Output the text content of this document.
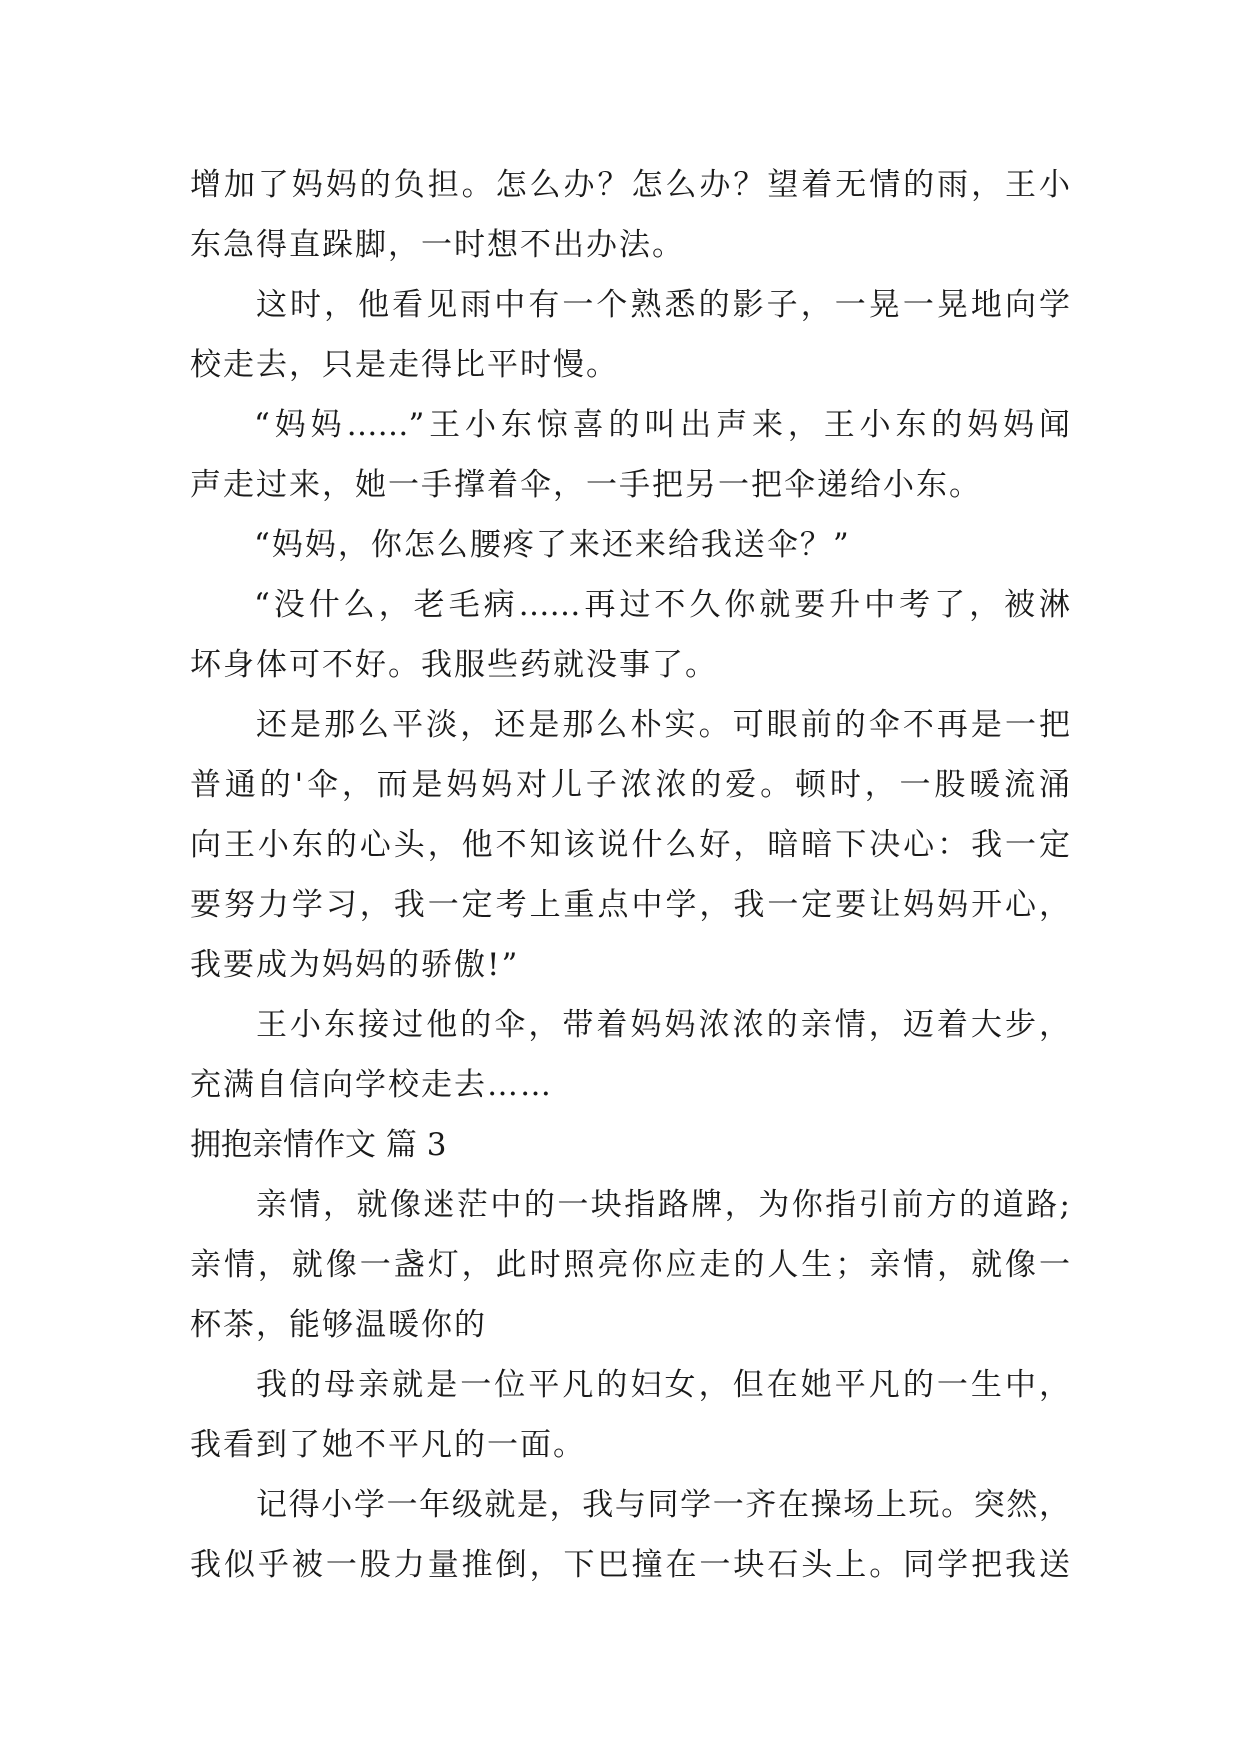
增加了妈妈的负担。怎么办？怎么办？望着无情的雨，王小
东急得直跺脚，一时想不出办法。
这时，他看见雨中有一个熟悉的影子，一晃一晃地向学
校走去，只是走得比平时慢。
“妈妈……”王小东惊喜的叫出声来，王小东的妈妈闻
声走过来，她一手撑着伞，一手把另一把伞递给小东。
“妈妈，你怎么腰疼了来还来给我送伞？”
“没什么，老毛病……再过不久你就要升中考了，被淋
坏身体可不好。我服些药就没事了。
还是那么平淡，还是那么朴实。可眼前的伞不再是一把
普通的'伞，而是妈妈对儿子浓浓的爱。顿时，一股暖流涌
向王小东的心头，他不知该说什么好，暗暗下决心：我一定
要努力学习，我一定考上重点中学，我一定要让妈妈开心，
我要成为妈妈的骄傲!”
王小东接过他的伞，带着妈妈浓浓的亲情，迈着大步，
充满自信向学校走去……
拥抱亲情作文 篇 3
亲情，就像迷茫中的一块指路牌，为你指引前方的道路;
亲情，就像一盏灯，此时照亮你应走的人生；亲情，就像一
杯茶，能够温暖你的
我的母亲就是一位平凡的妇女，但在她平凡的一生中，
我看到了她不平凡的一面。
记得小学一年级就是，我与同学一齐在操场上玩。突然，
我似乎被一股力量推倒，下巴撞在一块石头上。同学把我送
